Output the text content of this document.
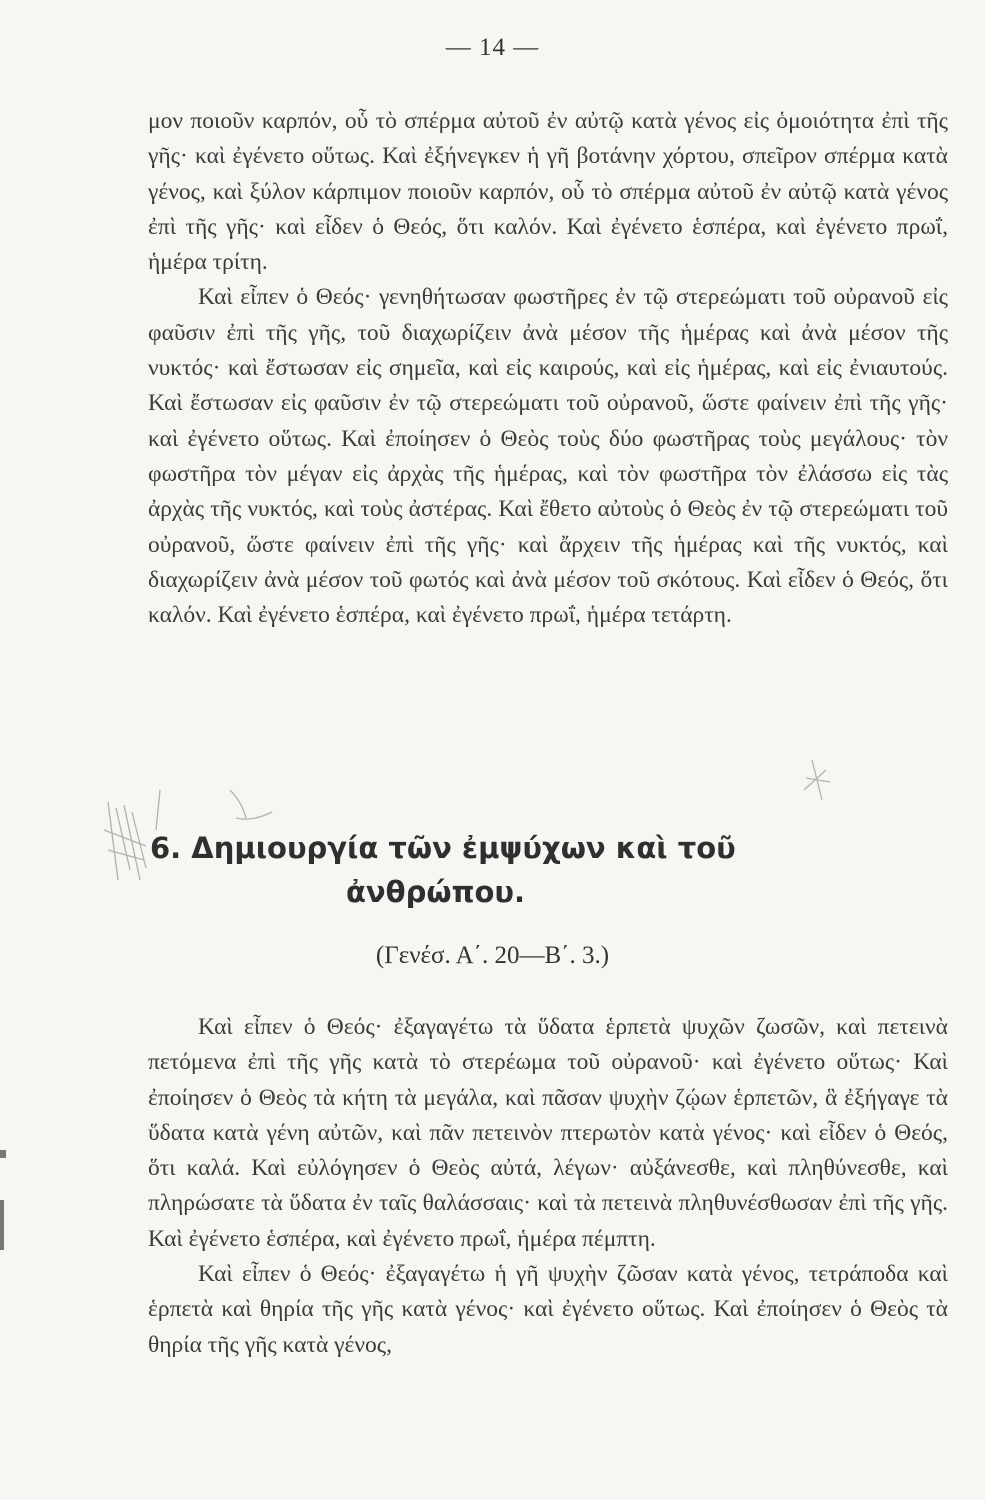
— 14 —

μον ποιοῦν καρπόν, οὗ τὸ σπέρμα αὐτοῦ ἐν αὐτῷ κατὰ γένος εἰς ὁμοιότητα ἐπὶ τῆς γῆς· καὶ ἐγένετο οὕτως. Καὶ ἐξήνεγκεν ἡ γῆ βοτάνην χόρτου, σπεῖρον σπέρμα κατὰ γένος, καὶ ξύλον κάρπιμον ποιοῦν καρπόν, οὗ τὸ σπέρμα αὐτοῦ ἐν αὐτῷ κατὰ γένος ἐπὶ τῆς γῆς· καὶ εἶδεν ὁ Θεός, ὅτι καλόν. Καὶ ἐγένετο ἑσπέρα, καὶ ἐγένετο πρωΐ, ἡμέρα τρίτη.

Καὶ εἶπεν ὁ Θεός· γενηθήτωσαν φωστῆρες ἐν τῷ στερεώματι τοῦ οὐρανοῦ εἰς φαῦσιν ἐπὶ τῆς γῆς, τοῦ διαχωρίζειν ἀνὰ μέσον τῆς ἡμέρας καὶ ἀνὰ μέσον τῆς νυκτός· καὶ ἔστωσαν εἰς σημεῖα, καὶ εἰς καιρούς, καὶ εἰς ἡμέρας, καὶ εἰς ἐνιαυτούς. Καὶ ἔστωσαν εἰς φαῦσιν ἐν τῷ στερεώματι τοῦ οὐρανοῦ, ὥστε φαίνειν ἐπὶ τῆς γῆς· καὶ ἐγένετο οὕτως. Καὶ ἐποίησεν ὁ Θεὸς τοὺς δύο φωστῆρας τοὺς μεγάλους· τὸν φωστῆρα τὸν μέγαν εἰς ἀρχὰς τῆς ἡμέρας, καὶ τὸν φωστῆρα τὸν ἐλάσσω εἰς τὰς ἀρχὰς τῆς νυκτός, καὶ τοὺς ἀστέρας. Καὶ ἔθετο αὐτοὺς ὁ Θεὸς ἐν τῷ στερεώματι τοῦ οὐρανοῦ, ὥστε φαίνειν ἐπὶ τῆς γῆς· καὶ ἄρχειν τῆς ἡμέρας καὶ τῆς νυκτός, καὶ διαχωρίζειν ἀνὰ μέσον τοῦ φωτός καὶ ἀνὰ μέσον τοῦ σκότους. Καὶ εἶδεν ὁ Θεός, ὅτι καλόν. Καὶ ἐγένετο ἑσπέρα, καὶ ἐγένετο πρωΐ, ἡμέρα τετάρτη.

6. Δημιουργία τῶν ἐμψύχων καὶ τοῦ
ἀνθρώπου.
(Γενέσ. Α΄. 20—Β΄. 3.)

Καὶ εἶπεν ὁ Θεός· ἐξαγαγέτω τὰ ὕδατα ἑρπετὰ ψυχῶν ζωσῶν, καὶ πετεινὰ πετόμενα ἐπὶ τῆς γῆς κατὰ τὸ στερέωμα τοῦ οὐρανοῦ· καὶ ἐγένετο οὕτως· Καὶ ἐποίησεν ὁ Θεὸς τὰ κήτη τὰ μεγάλα, καὶ πᾶσαν ψυχὴν ζῴων ἑρπετῶν, ἃ ἐξήγαγε τὰ ὕδατα κατὰ γένη αὐτῶν, καὶ πᾶν πετεινὸν πτερωτὸν κατὰ γένος· καὶ εἶδεν ὁ Θεός, ὅτι καλά. Καὶ εὐλόγησεν ὁ Θεὸς αὐτά, λέγων· αὐξάνεσθε, καὶ πληθύνεσθε, καὶ πληρώσατε τὰ ὕδατα ἐν ταῖς θαλάσσαις· καὶ τὰ πετεινὰ πληθυνέσθωσαν ἐπὶ τῆς γῆς. Καὶ ἐγένετο ἑσπέρα, καὶ ἐγένετο πρωΐ, ἡμέρα πέμπτη.

Καὶ εἶπεν ὁ Θεός· ἐξαγαγέτω ἡ γῆ ψυχὴν ζῶσαν κατὰ γένος, τετράποδα καὶ ἑρπετὰ καὶ θηρία τῆς γῆς κατὰ γένος· καὶ ἐγένετο οὕτως. Καὶ ἐποίησεν ὁ Θεὸς τὰ θηρία τῆς γῆς κατὰ γένος,
